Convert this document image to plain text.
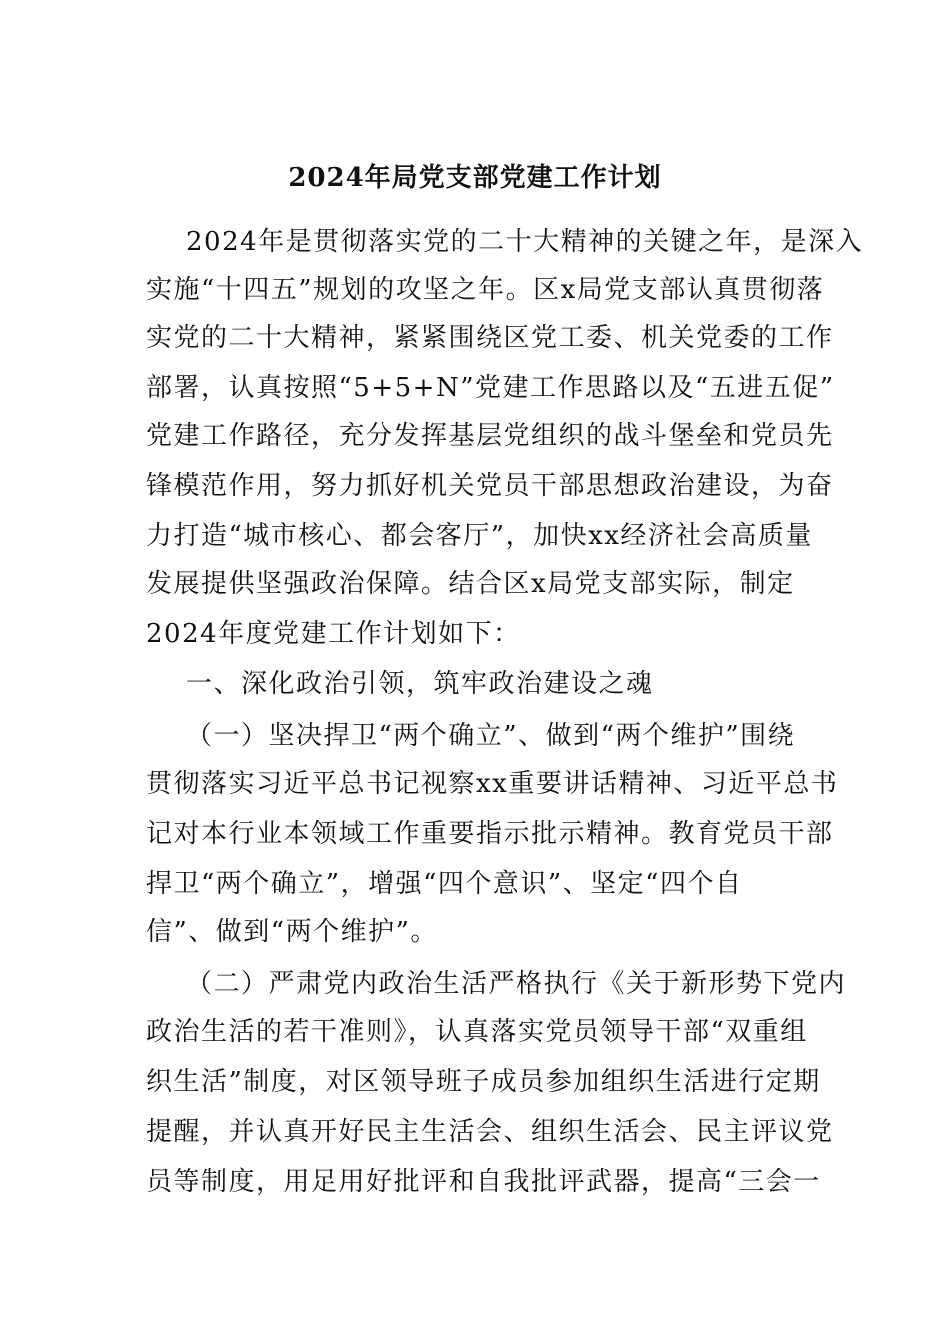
2024年局党支部党建工作计划

2024年是贯彻落实党的二十大精神的关键之年，是深入

实施“十四五”规划的攻坚之年。区x局党支部认真贯彻落

实党的二十大精神，紧紧围绕区党工委、机关党委的工作

部署，认真按照“5+5+N”党建工作思路以及“五进五促”

党建工作路径，充分发挥基层党组织的战斗堡垒和党员先

锋模范作用，努力抓好机关党员干部思想政治建设，为奋

力打造“城市核心、都会客厅”，加快xx经济社会高质量

发展提供坚强政治保障。结合区x局党支部实际，制定

2024年度党建工作计划如下：

一、深化政治引领，筑牢政治建设之魂

（一）坚决捍卫“两个确立”、做到“两个维护”围绕

贯彻落实习近平总书记视察xx重要讲话精神、习近平总书

记对本行业本领域工作重要指示批示精神。教育党员干部

捍卫“两个确立”，增强“四个意识”、坚定“四个自

信”、做到“两个维护”。

（二）严肃党内政治生活严格执行《关于新形势下党内

政治生活的若干准则》，认真落实党员领导干部“双重组

织生活”制度，对区领导班子成员参加组织生活进行定期

提醒，并认真开好民主生活会、组织生活会、民主评议党

员等制度，用足用好批评和自我批评武器，提高“三会一
